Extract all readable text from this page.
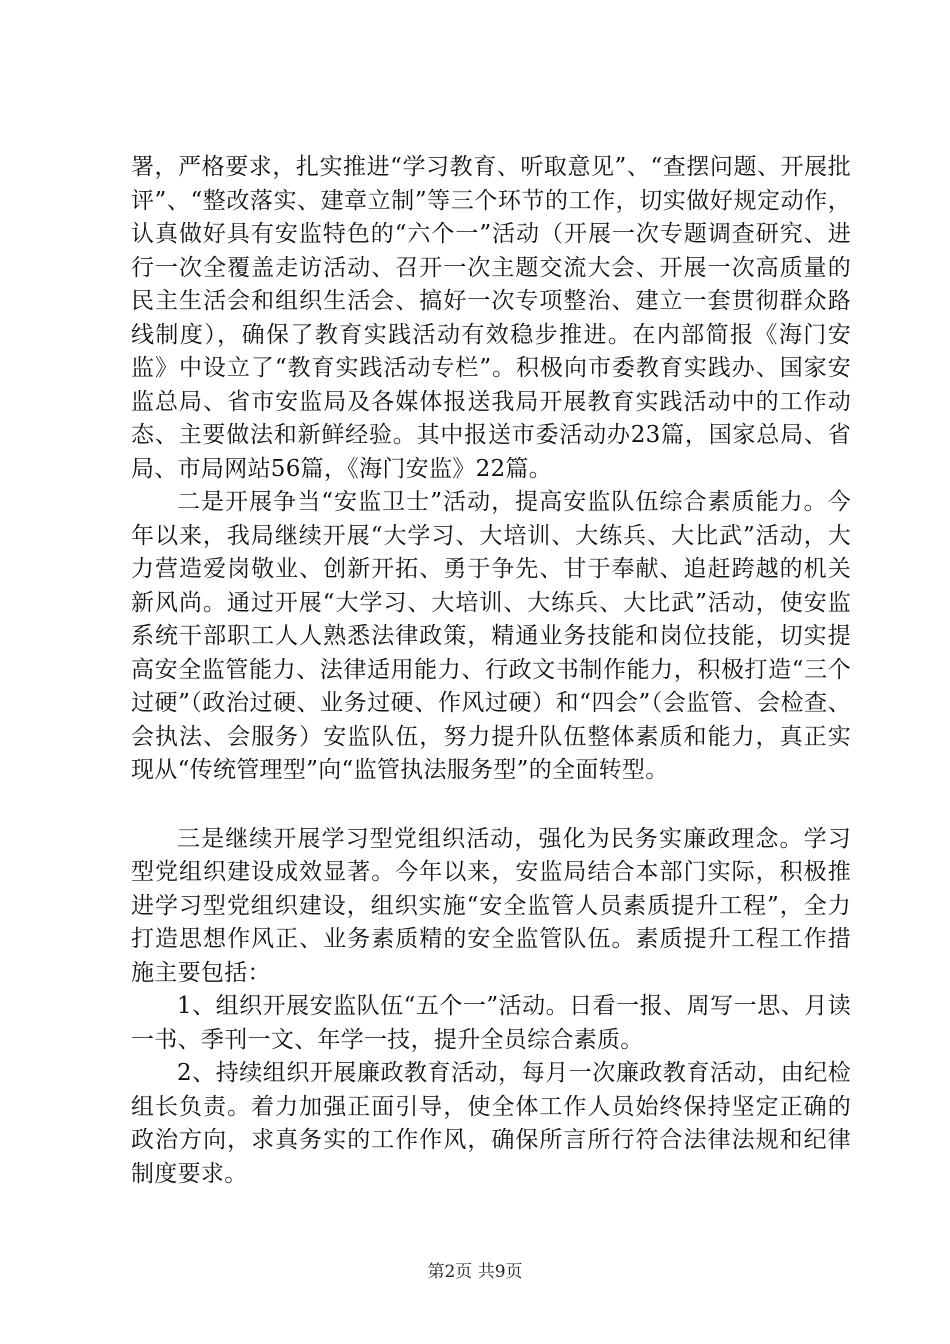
署，严格要求，扎实推进“学习教育、听取意见”、“查摆问题、开展批评”、“整改落实、建章立制”等三个环节的工作，切实做好规定动作，认真做好具有安监特色的“六个一”活动（开展一次专题调查研究、进行一次全覆盖走访活动、召开一次主题交流大会、开展一次高质量的民主生活会和组织生活会、搞好一次专项整治、建立一套贯彻群众路线制度），确保了教育实践活动有效稳步推进。在内部简报《海门安监》中设立了“教育实践活动专栏”。积极向市委教育实践办、国家安监总局、省市安监局及各媒体报送我局开展教育实践活动中的工作动态、主要做法和新鲜经验。其中报送市委活动办23篇，国家总局、省局、市局网站56篇，《海门安监》22篇。

二是开展争当“安监卫士”活动，提高安监队伍综合素质能力。今年以来，我局继续开展“大学习、大培训、大练兵、大比武”活动，大力营造爱岗敬业、创新开拓、勇于争先、甘于奉献、追赶跨越的机关新风尚。通过开展“大学习、大培训、大练兵、大比武”活动，使安监系统干部职工人人熟悉法律政策，精通业务技能和岗位技能，切实提高安全监管能力、法律适用能力、行政文书制作能力，积极打造“三个过硬”（政治过硬、业务过硬、作风过硬）和“四会”（会监管、会检查、会执法、会服务）安监队伍，努力提升队伍整体素质和能力，真正实现从“传统管理型”向“监管执法服务型”的全面转型。

三是继续开展学习型党组织活动，强化为民务实廉政理念。学习型党组织建设成效显著。今年以来，安监局结合本部门实际，积极推进学习型党组织建设，组织实施“安全监管人员素质提升工程”，全力打造思想作风正、业务素质精的安全监管队伍。素质提升工程工作措施主要包括：

1、组织开展安监队伍“五个一”活动。日看一报、周写一思、月读一书、季刊一文、年学一技，提升全员综合素质。

2、持续组织开展廉政教育活动，每月一次廉政教育活动，由纪检组长负责。着力加强正面引导，使全体工作人员始终保持坚定正确的政治方向，求真务实的工作作风，确保所言所行符合法律法规和纪律制度要求。

第2页 共9页
